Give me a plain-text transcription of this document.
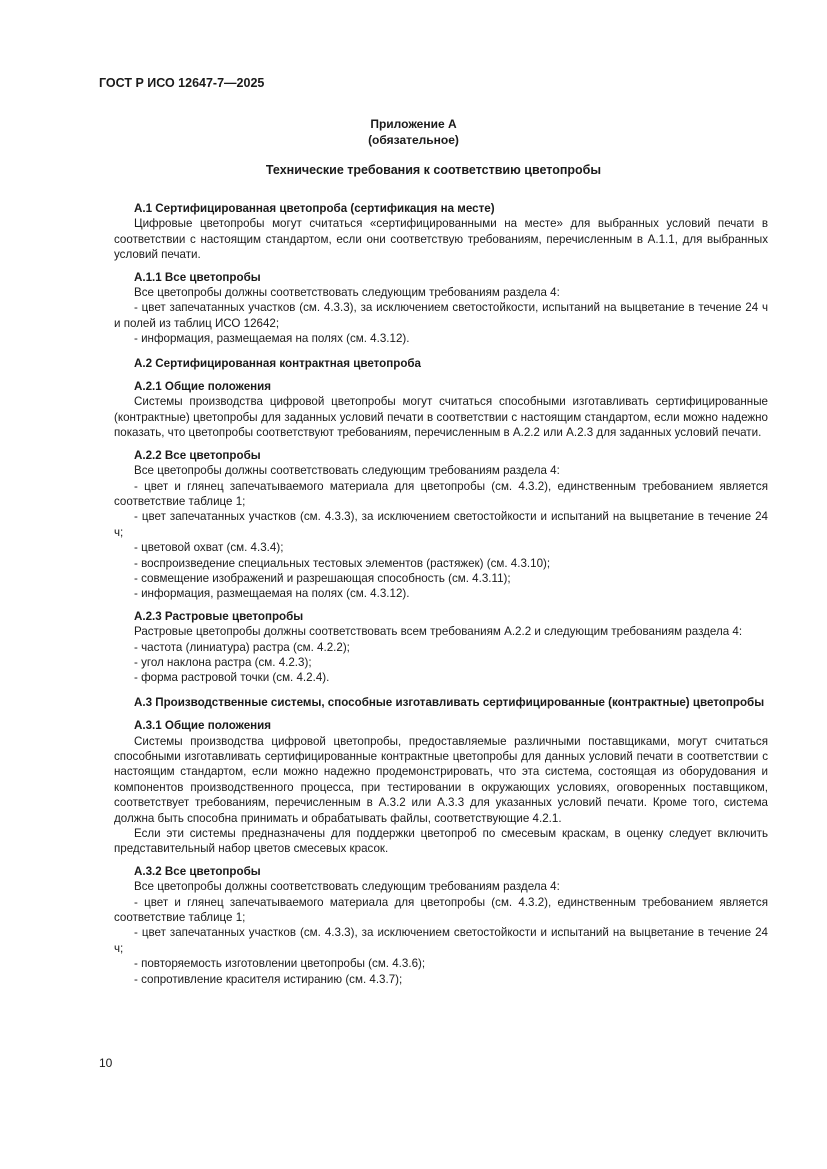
ГОСТ Р ИСО 12647-7—2025

Приложение А
(обязательное)

Технические требования к соответствию цветопробы

А.1 Сертифицированная цветопроба (сертификация на месте)

Цифровые цветопробы могут считаться «сертифицированными на месте» для выбранных условий печати в соответствии с настоящим стандартом, если они соответствую требованиям, перечисленным в А.1.1, для выбранных условий печати.

А.1.1 Все цветопробы

Все цветопробы должны соответствовать следующим требованиям раздела 4:

- цвет запечатанных участков (см. 4.3.3), за исключением светостойкости, испытаний на выцветание в течение 24 ч и полей из таблиц ИСО 12642;
- информация, размещаемая на полях (см. 4.3.12).
А.2 Сертифицированная контрактная цветопроба
А.2.1 Общие положения

Системы производства цифровой цветопробы могут считаться способными изготавливать сертифицированные (контрактные) цветопробы для заданных условий печати в соответствии с настоящим стандартом, если можно надежно показать, что цветопробы соответствуют требованиям, перечисленным в А.2.2 или А.2.3 для заданных условий печати.

А.2.2 Все цветопробы

Все цветопробы должны соответствовать следующим требованиям раздела 4:

- цвет и глянец запечатываемого материала для цветопробы (см. 4.3.2), единственным требованием является соответствие таблице 1;
- цвет запечатанных участков (см. 4.3.3), за исключением светостойкости и испытаний на выцветание в течение 24 ч;
- цветовой охват (см. 4.3.4);
- воспроизведение специальных тестовых элементов (растяжек) (см. 4.3.10);
- совмещение изображений и разрешающая способность (см. 4.3.11);
- информация, размещаемая на полях (см. 4.3.12).
А.2.3 Растровые цветопробы

Растровые цветопробы должны соответствовать всем требованиям А.2.2 и следующим требованиям раздела 4:

- частота (линиатура) растра (см. 4.2.2);
- угол наклона растра (см. 4.2.3);
- форма растровой точки (см. 4.2.4).
А.3 Производственные системы, способные изготавливать сертифицированные (контрактные) цветопробы
А.3.1 Общие положения

Системы производства цифровой цветопробы, предоставляемые различными поставщиками, могут считаться способными изготавливать сертифицированные контрактные цветопробы для данных условий печати в соответствии с настоящим стандартом, если можно надежно продемонстрировать, что эта система, состоящая из оборудования и компонентов производственного процесса, при тестировании в окружающих условиях, оговоренных поставщиком, соответствует требованиям, перечисленным в А.3.2 или А.3.3 для указанных условий печати. Кроме того, система должна быть способна принимать и обрабатывать файлы, соответствующие 4.2.1.

Если эти системы предназначены для поддержки цветопроб по смесевым краскам, в оценку следует включить представительный набор цветов смесевых красок.

А.3.2 Все цветопробы

Все цветопробы должны соответствовать следующим требованиям раздела 4:

- цвет и глянец запечатываемого материала для цветопробы (см. 4.3.2), единственным требованием является соответствие таблице 1;
- цвет запечатанных участков (см. 4.3.3), за исключением светостойкости и испытаний на выцветание в течение 24 ч;
- повторяемость изготовлении цветопробы (см. 4.3.6);
- сопротивление красителя истиранию (см. 4.3.7);

10
